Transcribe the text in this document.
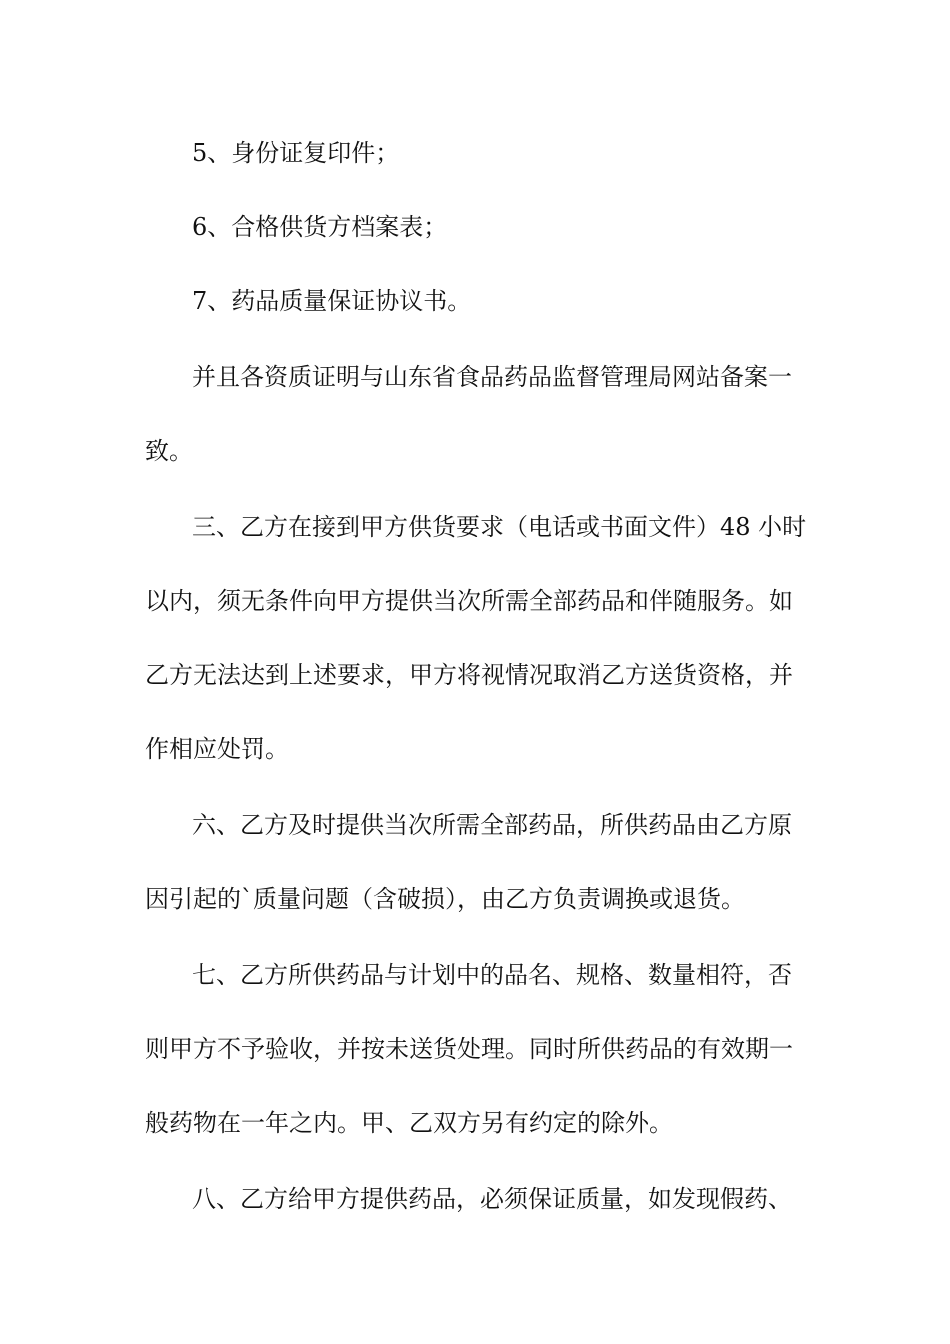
5、身份证复印件；
6、合格供货方档案表；
7、药品质量保证协议书。
并且各资质证明与山东省食品药品监督管理局网站备案一
致。
三、乙方在接到甲方供货要求（电话或书面文件）48 小时
以内，须无条件向甲方提供当次所需全部药品和伴随服务。如
乙方无法达到上述要求，甲方将视情况取消乙方送货资格，并
作相应处罚。
六、乙方及时提供当次所需全部药品，所供药品由乙方原
因引起的`质量问题（含破损），由乙方负责调换或退货。
七、乙方所供药品与计划中的品名、规格、数量相符，否
则甲方不予验收，并按未送货处理。同时所供药品的有效期一
般药物在一年之内。甲、乙双方另有约定的除外。
八、乙方给甲方提供药品，必须保证质量，如发现假药、
